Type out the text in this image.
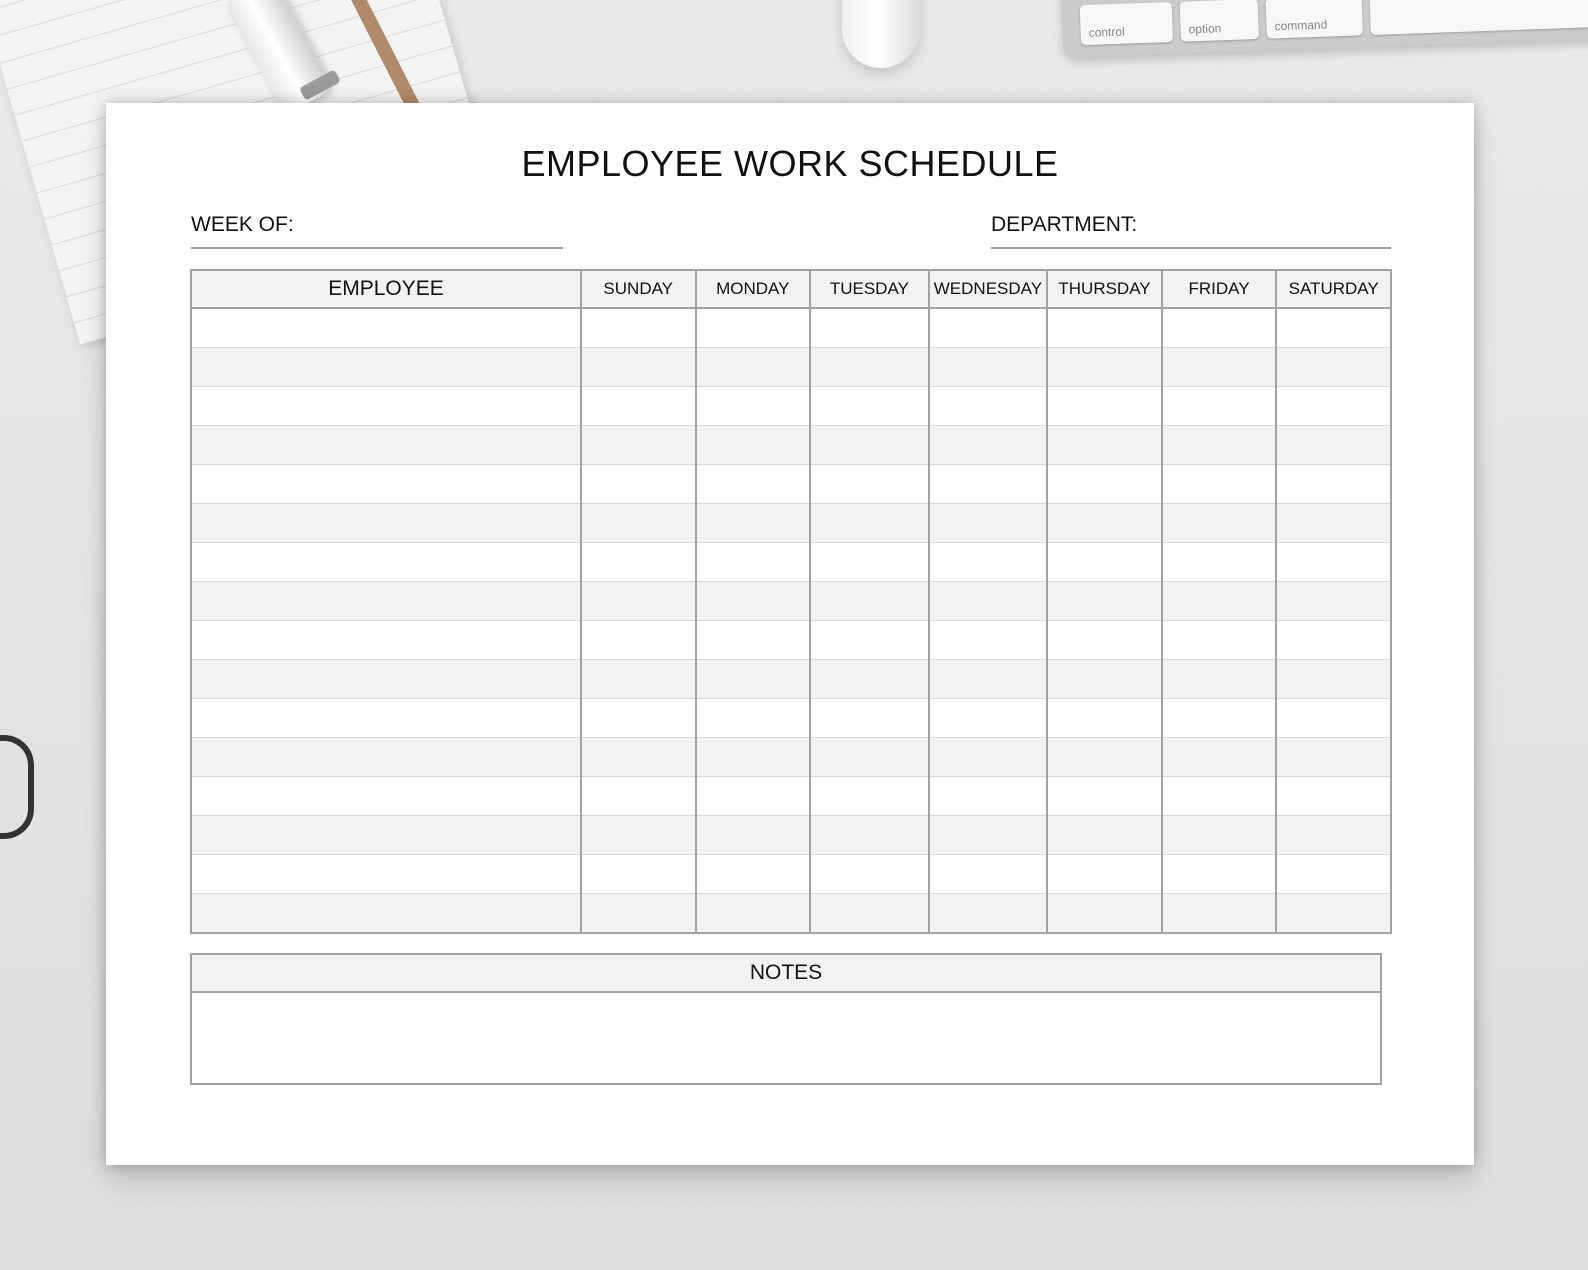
control	option	command
EMPLOYEE WORK SCHEDULE
WEEK OF:	DEPARTMENT:
EMPLOYEE	SUNDAY	MONDAY	TUESDAY	WEDNESDAY	THURSDAY	FRIDAY	SATURDAY

NOTES
